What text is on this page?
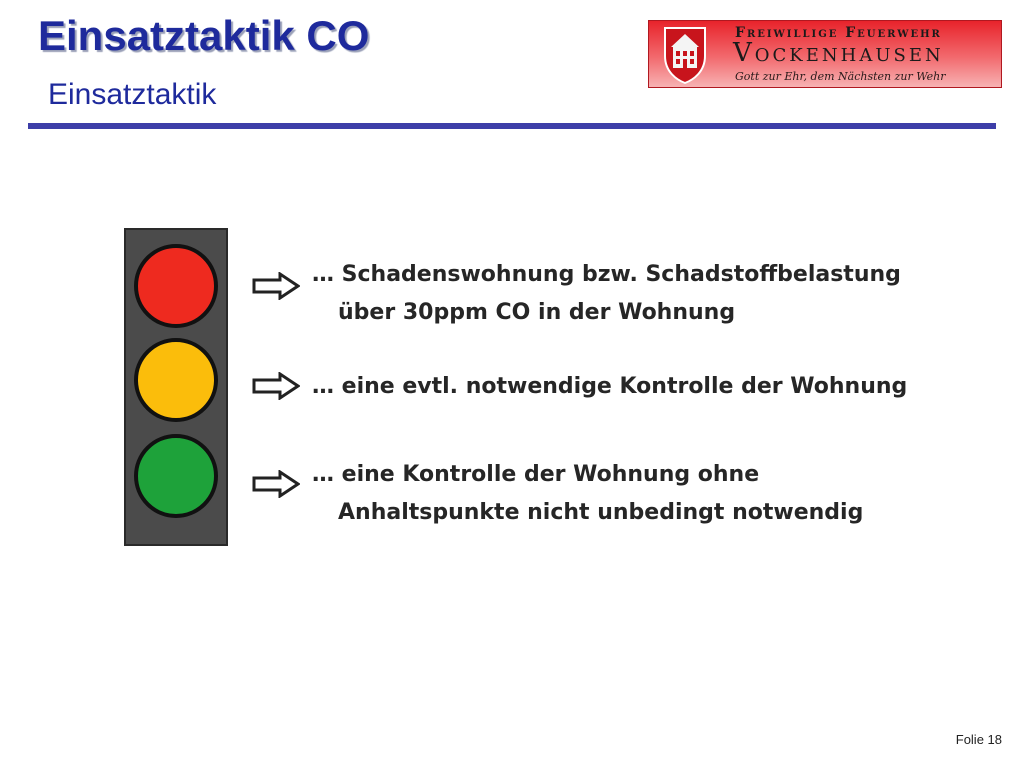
Einsatztaktik CO
Einsatztaktik
Freiwillige Feuerwehr
Vockenhausen
Gott zur Ehr, dem Nächsten zur Wehr
… Schadenswohnung bzw. Schadstoffbelastung
über 30ppm CO in der Wohnung
… eine evtl. notwendige Kontrolle der Wohnung
… eine Kontrolle der Wohnung ohne
Anhaltspunkte nicht unbedingt notwendig
Folie 18
